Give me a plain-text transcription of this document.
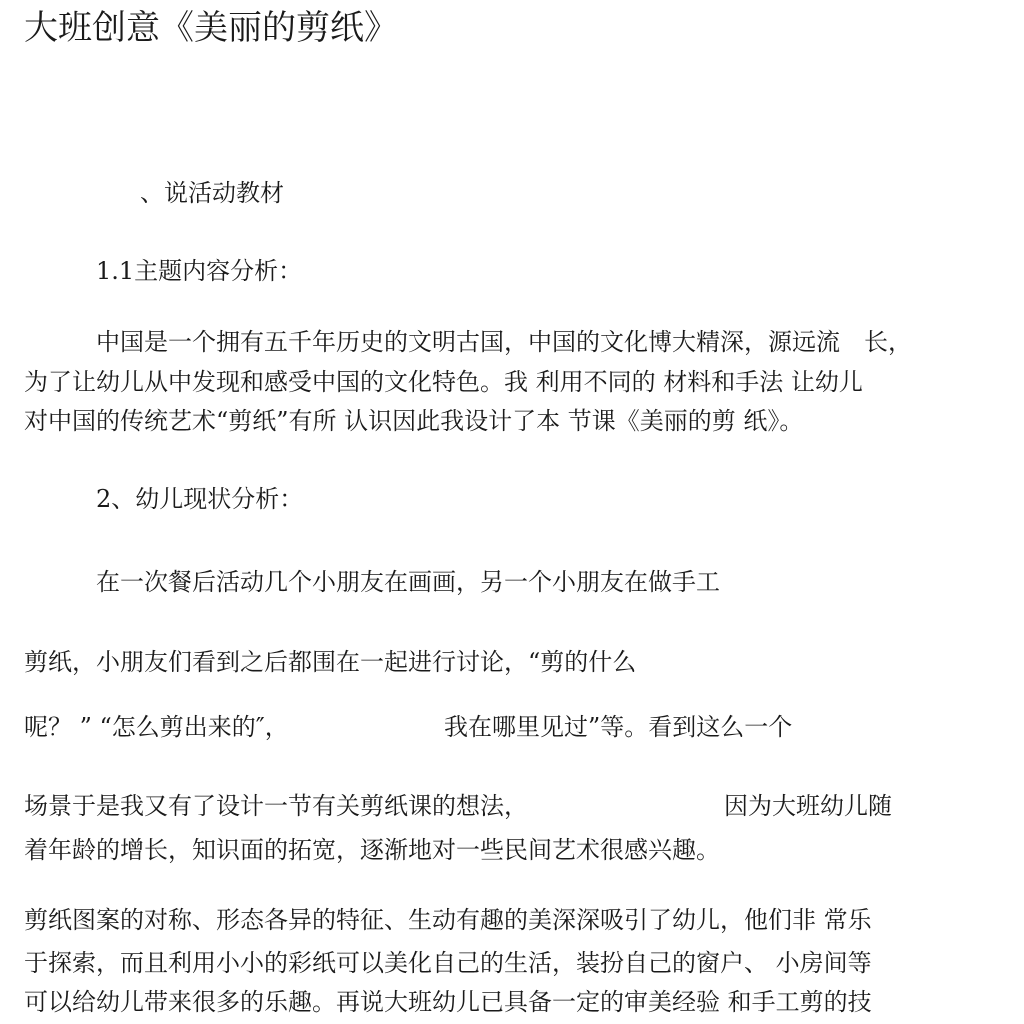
大班创意《美丽的剪纸》
、说活动教材
1.1主题内容分析：
中国是一个拥有五千年历史的文明古国，中国的文化博大精深，源远流　长，
为了让幼儿从中发现和感受中国的文化特色。我 利用不同的 材料和手法 让幼儿
对中国的传统艺术“剪纸”有所 认识因此我设计了本 节课《美丽的剪 纸》。
2、幼儿现状分析：
在一次餐后活动几个小朋友在画画，另一个小朋友在做手工
剪纸，小朋友们看到之后都围在一起进行讨论，“剪的什么
呢？ ” “怎么剪出来的″，	我在哪里见过”等。看到这么一个
场景于是我又有了设计一节有关剪纸课的想法，	因为大班幼儿随
着年龄的增长，知识面的拓宽，逐渐地对一些民间艺术很感兴趣。
剪纸图案的对称、形态各异的特征、生动有趣的美深深吸引了幼儿，他们非 常乐
于探索，而且利用小小的彩纸可以美化自己的生活，装扮自己的窗户、 小房间等
可以给幼儿带来很多的乐趣。再说大班幼儿已具备一定的审美经验 和手工剪的技
